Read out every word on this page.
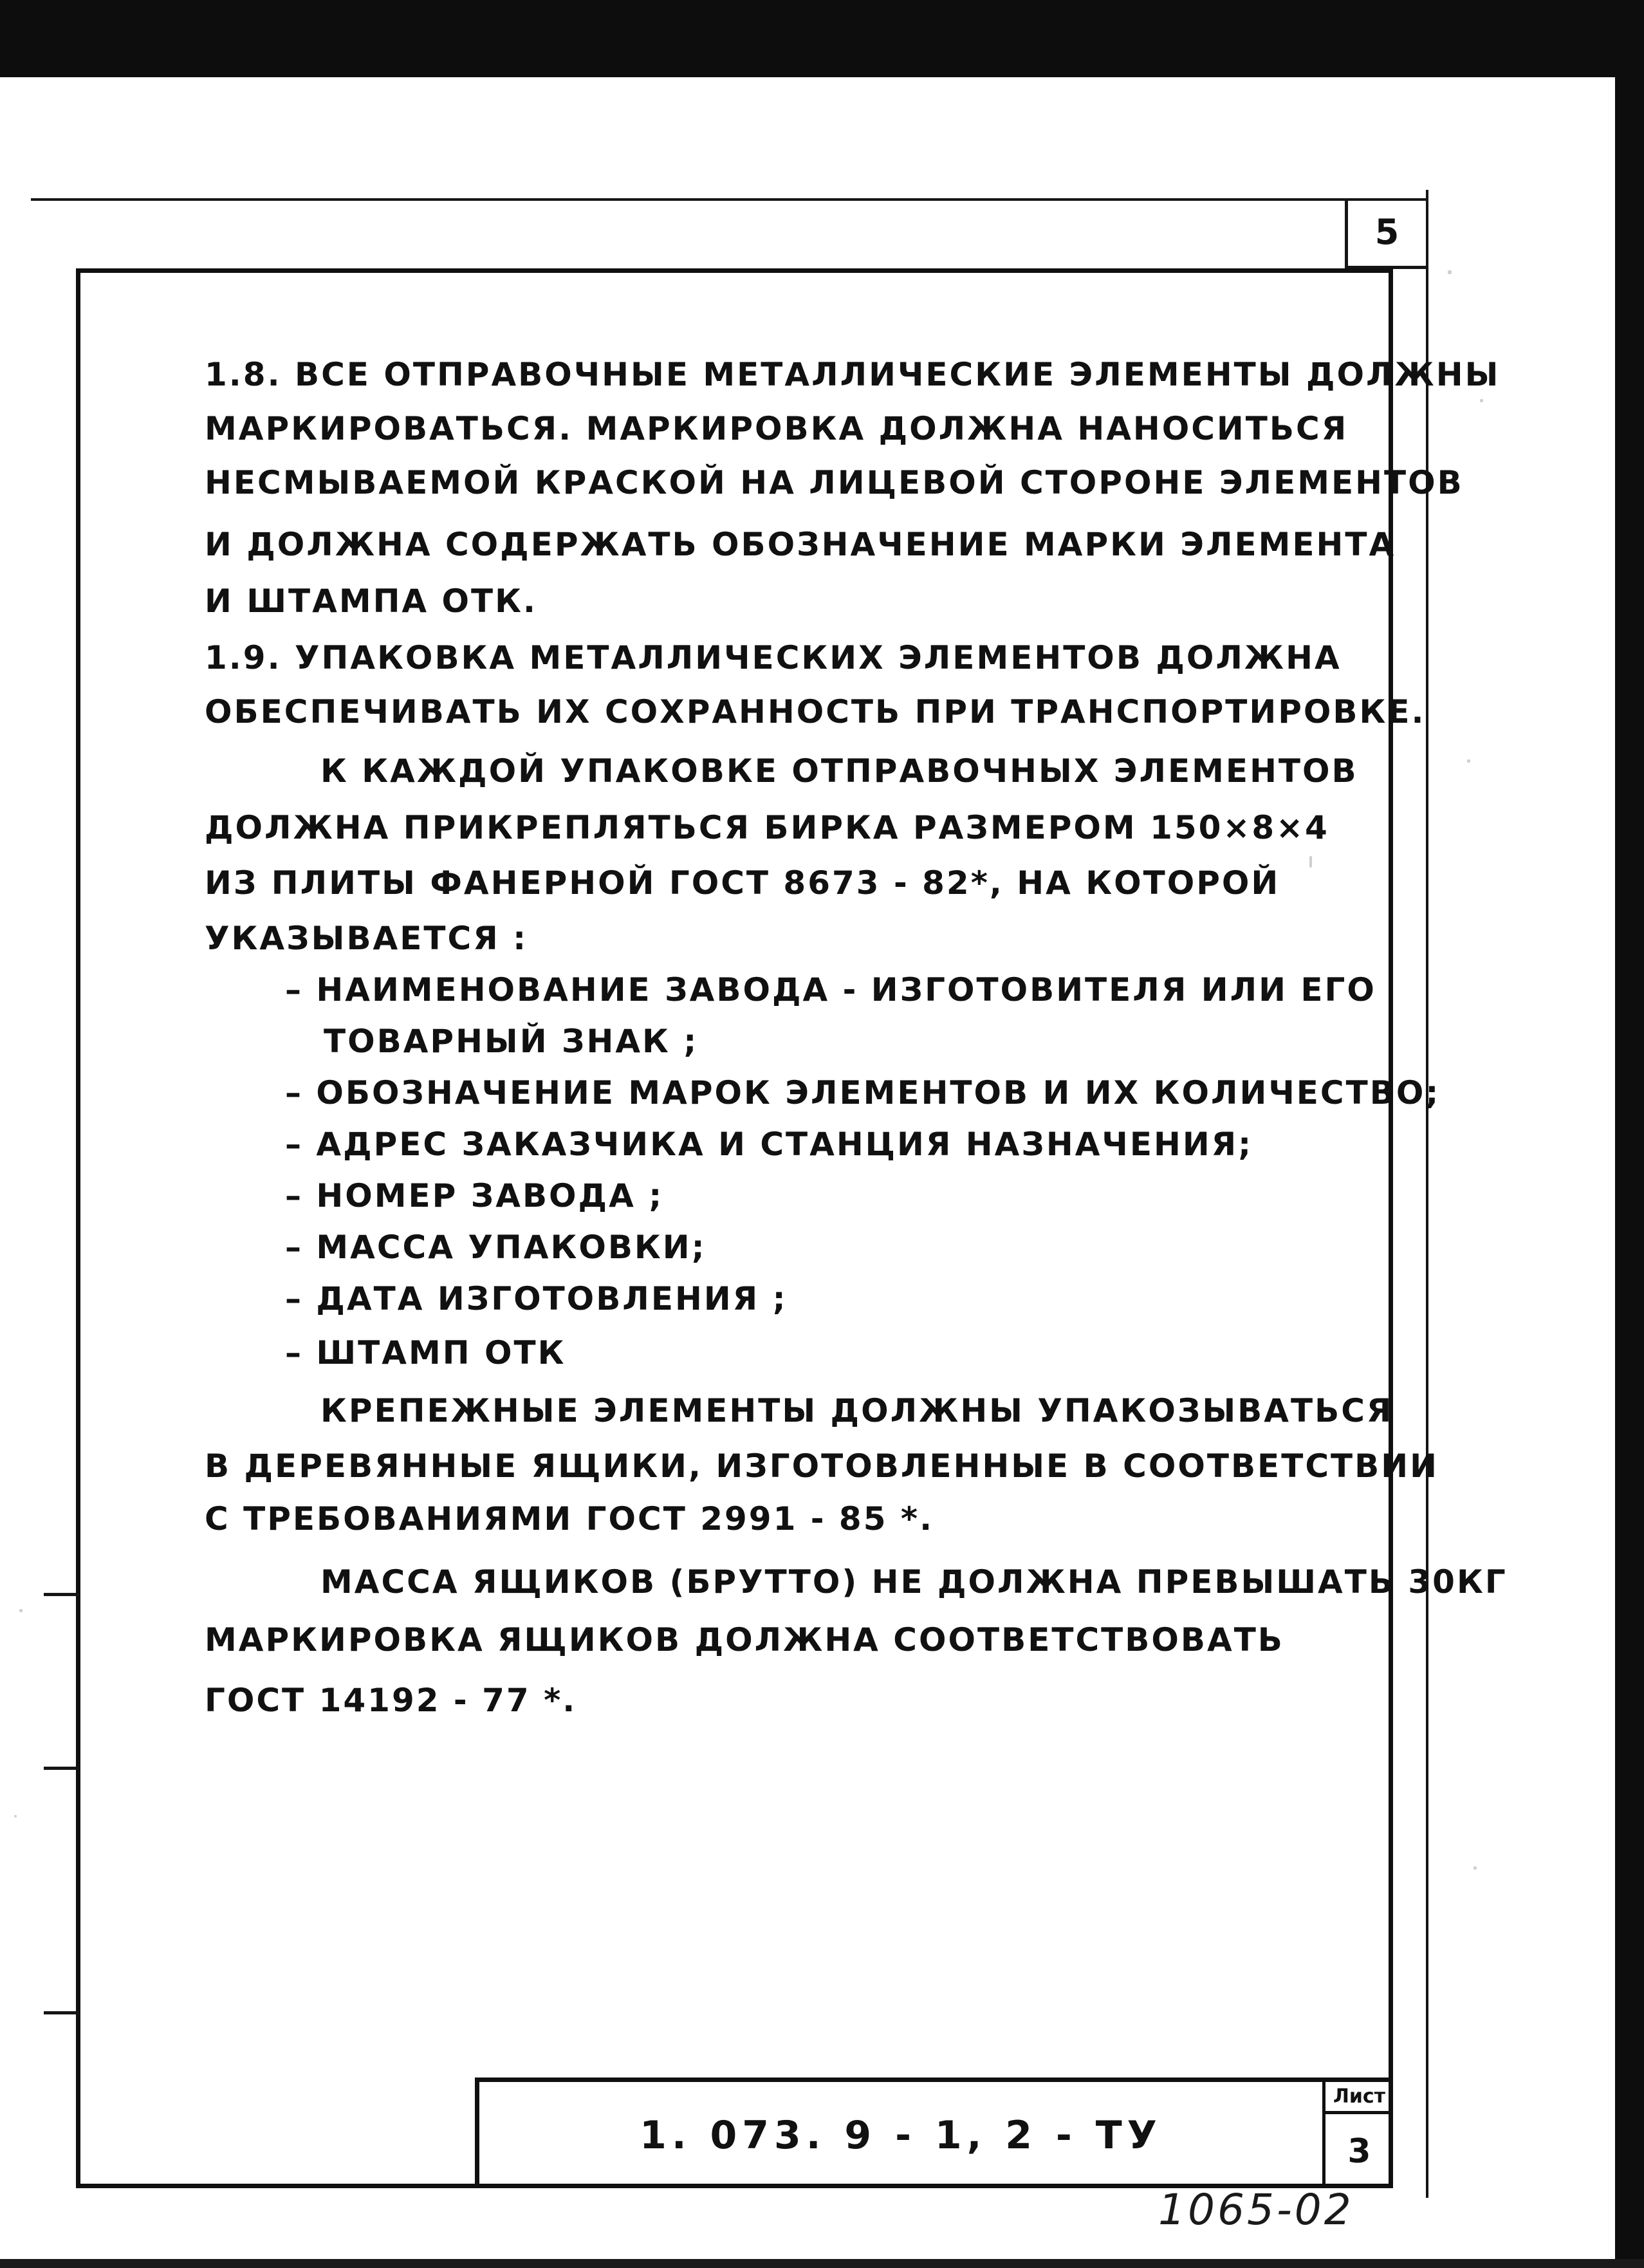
5
1.8. ВСЕ ОТПРАВОЧНЫЕ МЕТАЛЛИЧЕСКИЕ ЭЛЕМЕНТЫ ДОЛЖНЫ
МАРКИРОВАТЬСЯ. МАРКИРОВКА ДОЛЖНА НАНОСИТЬСЯ
НЕСМЫВАЕМОЙ КРАСКОЙ НА ЛИЦЕВОЙ СТОРОНЕ ЭЛЕМЕНТОВ
И ДОЛЖНА СОДЕРЖАТЬ ОБОЗНАЧЕНИЕ МАРКИ ЭЛЕМЕНТА
И ШТАМПА ОТК.
1.9. УПАКОВКА МЕТАЛЛИЧЕСКИХ ЭЛЕМЕНТОВ ДОЛЖНА
ОБЕСПЕЧИВАТЬ ИХ СОХРАННОСТЬ ПРИ ТРАНСПОРТИРОВКЕ.
К КАЖДОЙ УПАКОВКЕ ОТПРАВОЧНЫХ ЭЛЕМЕНТОВ
ДОЛЖНА ПРИКРЕПЛЯТЬСЯ БИРКА РАЗМЕРОМ 150×8×4
ИЗ ПЛИТЫ ФАНЕРНОЙ ГОСТ 8673 - 82*, НА КОТОРОЙ
УКАЗЫВАЕТСЯ :
– НАИМЕНОВАНИЕ ЗАВОДА - ИЗГОТОВИТЕЛЯ ИЛИ ЕГО
ТОВАРНЫЙ ЗНАК ;
– ОБОЗНАЧЕНИЕ МАРОК ЭЛЕМЕНТОВ И ИХ КОЛИЧЕСТВО;
– АДРЕС ЗАКАЗЧИКА И СТАНЦИЯ НАЗНАЧЕНИЯ;
– НОМЕР ЗАВОДА ;
– МАССА УПАКОВКИ;
– ДАТА ИЗГОТОВЛЕНИЯ ;
– ШТАМП ОТК
КРЕПЕЖНЫЕ ЭЛЕМЕНТЫ ДОЛЖНЫ УПАКОЗЫВАТЬСЯ
В ДЕРЕВЯННЫЕ ЯЩИКИ, ИЗГОТОВЛЕННЫЕ В СООТВЕТСТВИИ
С ТРЕБОВАНИЯМИ ГОСТ 2991 - 85 *.
МАССА ЯЩИКОВ (БРУТТО) НЕ ДОЛЖНА ПРЕВЫШАТЬ 30КГ
МАРКИРОВКА ЯЩИКОВ ДОЛЖНА СООТВЕТСТВОВАТЬ
ГОСТ 14192 - 77 *.
1. 073. 9 - 1, 2 - ТУ
Лист
3
1065-02
